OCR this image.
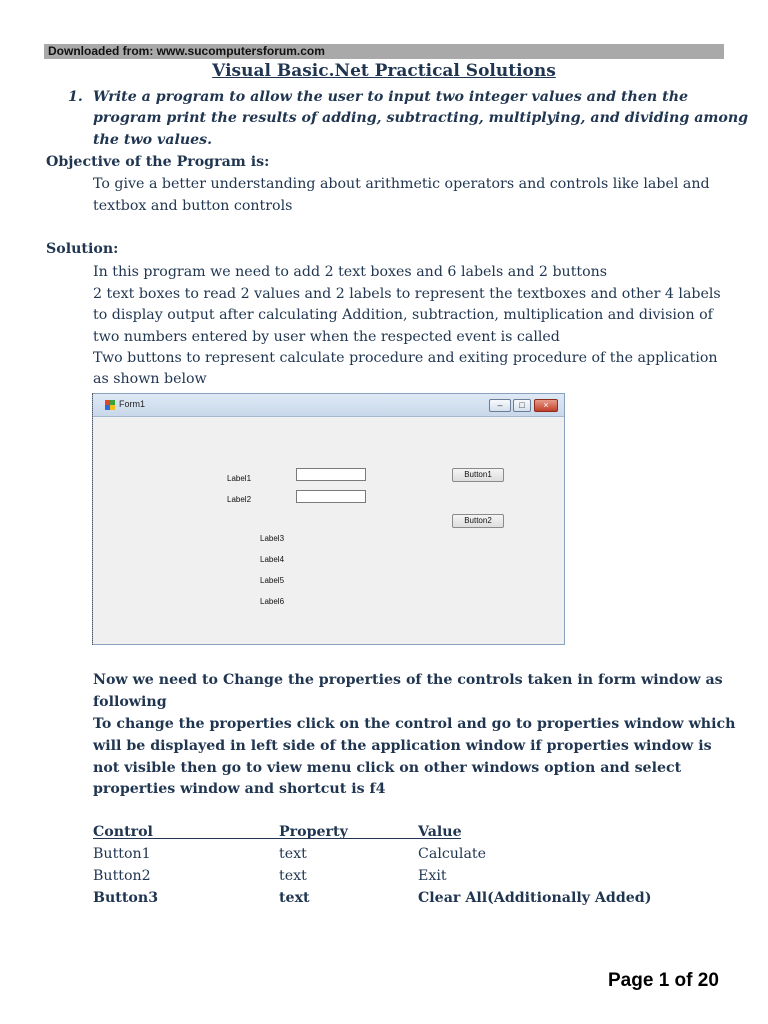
Downloaded from: www.sucomputersforum.com
Visual Basic.Net Practical Solutions
1. Write a program to allow the user to input two integer values and then the
program print the results of adding, subtracting, multiplying, and dividing among
the two values.
Objective of the Program is:
To give a better understanding about arithmetic operators and controls like label and
textbox and button controls
Solution:
In this program we need to add 2 text boxes and 6 labels and 2 buttons
2 text boxes to read 2 values and 2 labels to represent the textboxes and other 4 labels
to display output after calculating Addition, subtraction, multiplication and division of
two numbers entered by user when the respected event is called
Two buttons to represent calculate procedure and exiting procedure of the application
as shown below
Form1	–	□	×
Label1
Label2
Button1
Button2
Label3
Label4
Label5
Label6
Now we need to Change the properties of the controls taken in form window as
following
To change the properties click on the control and go to properties window which
will be displayed in left side of the application window if properties window is
not visible then go to view menu click on other windows option and select
properties window and shortcut is f4
Control	Property	Value
Button1	text	Calculate
Button2	text	Exit
Button3	text	Clear All(Additionally Added)
Page 1 of 20
